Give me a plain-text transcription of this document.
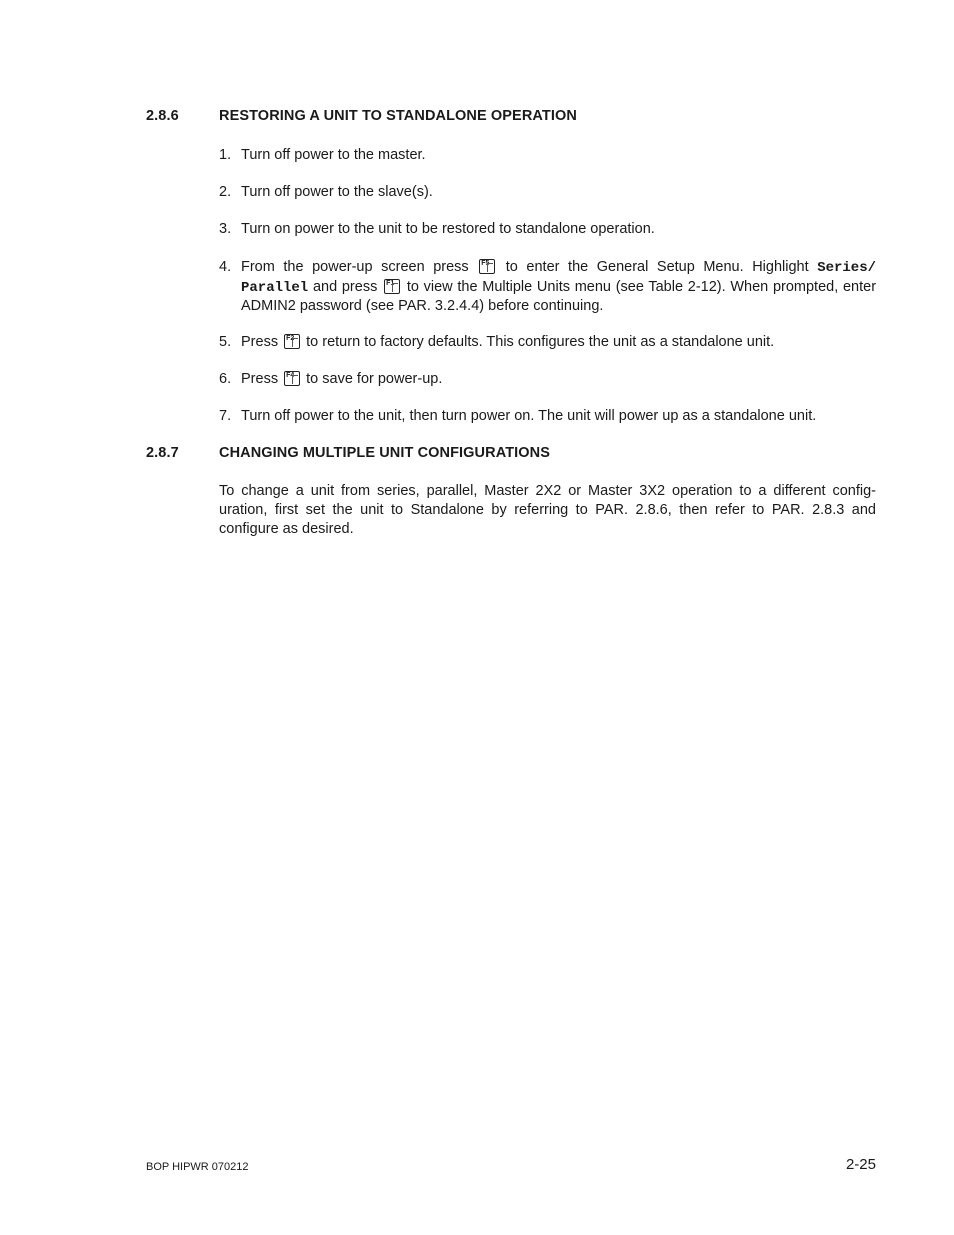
2.8.6	RESTORING A UNIT TO STANDALONE OPERATION
1. Turn off power to the master.
2. Turn off power to the slave(s).
3. Turn on power to the unit to be restored to standalone operation.
4. From the power-up screen press F5 to enter the General Setup Menu. Highlight Series/ Parallel and press F1 to view the Multiple Units menu (see Table 2-12). When prompted, enter ADMIN2 password (see PAR. 3.2.4.4) before continuing.
5. Press F2 to return to factory defaults. This configures the unit as a standalone unit.
6. Press F4 to save for power-up.
7. Turn off power to the unit, then turn power on. The unit will power up as a standalone unit.
2.8.7	CHANGING MULTIPLE UNIT CONFIGURATIONS
To change a unit from series, parallel, Master 2X2 or Master 3X2 operation to a different config-uration, first set the unit to Standalone by referring to PAR. 2.8.6, then refer to PAR. 2.8.3 and configure as desired.
BOP HIPWR 070212	2-25
